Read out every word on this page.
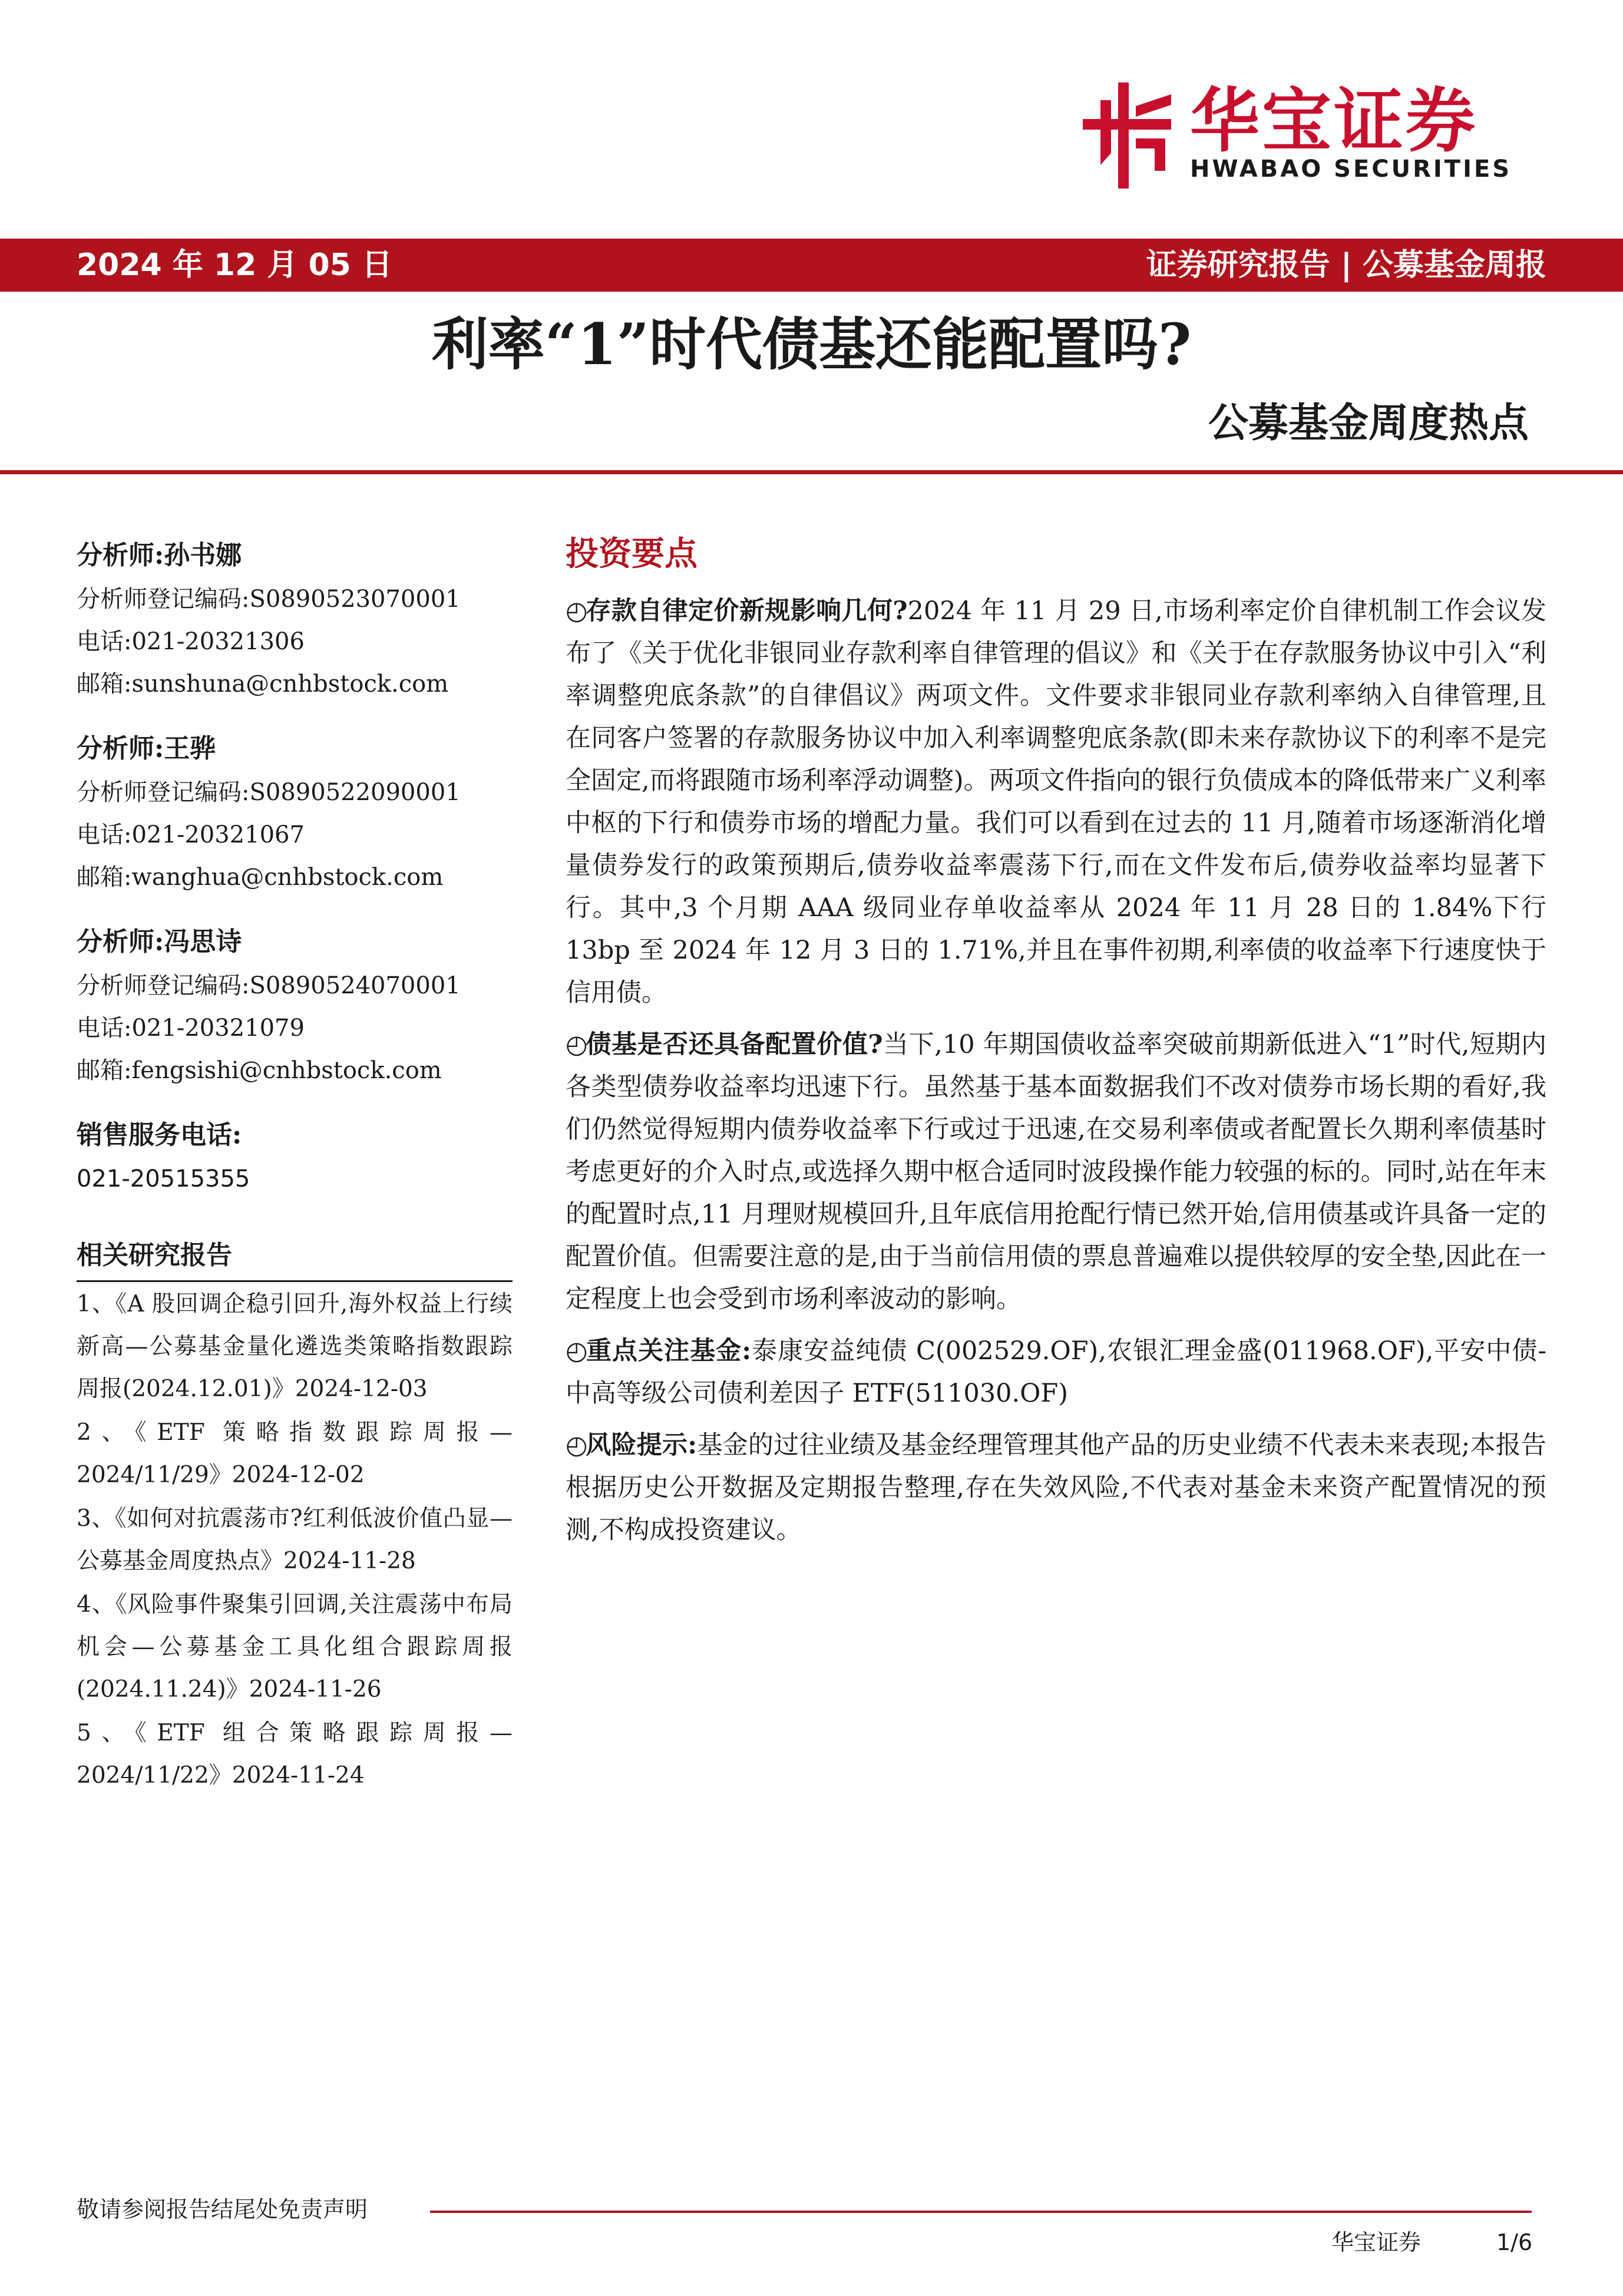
华宝证券
HWABAO SECURITIES
2024 年 12 月 05 日	证券研究报告 | 公募基金周报
利率“1”时代债基还能配置吗?
公募基金周度热点
分析师:孙书娜
分析师登记编码:S0890523070001
电话:021-20321306
邮箱:sunshuna@cnhbstock.com
分析师:王骅
分析师登记编码:S0890522090001
电话:021-20321067
邮箱:wanghua@cnhbstock.com
分析师:冯思诗
分析师登记编码:S0890524070001
电话:021-20321079
邮箱:fengsishi@cnhbstock.com
销售服务电话:
021-20515355
相关研究报告
1、《A 股回调企稳引回升,海外权益上行续新高—公募基金量化遴选类策略指数跟踪周报(2024.12.01)》2024-12-03
2、《ETF 策略指数跟踪周报—2024/11/29》2024-12-02
3、《如何对抗震荡市?红利低波价值凸显—公募基金周度热点》2024-11-28
4、《风险事件聚集引回调,关注震荡中布局机会—公募基金工具化组合跟踪周报(2024.11.24)》2024-11-26
5、《ETF 组合策略跟踪周报—2024/11/22》2024-11-24
投资要点
◴存款自律定价新规影响几何?2024 年 11 月 29 日,市场利率定价自律机制工作会议发布了《关于优化非银同业存款利率自律管理的倡议》和《关于在存款服务协议中引入“利率调整兜底条款”的自律倡议》两项文件。文件要求非银同业存款利率纳入自律管理,且在同客户签署的存款服务协议中加入利率调整兜底条款(即未来存款协议下的利率不是完全固定,而将跟随市场利率浮动调整)。两项文件指向的银行负债成本的降低带来广义利率中枢的下行和债券市场的增配力量。我们可以看到在过去的 11 月,随着市场逐渐消化增量债券发行的政策预期后,债券收益率震荡下行,而在文件发布后,债券收益率均显著下行。其中,3 个月期 AAA 级同业存单收益率从 2024 年 11 月 28 日的 1.84%下行 13bp 至 2024 年 12 月 3 日的 1.71%,并且在事件初期,利率债的收益率下行速度快于信用债。
◴债基是否还具备配置价值?当下,10 年期国债收益率突破前期新低进入“1”时代,短期内各类型债券收益率均迅速下行。虽然基于基本面数据我们不改对债券市场长期的看好,我们仍然觉得短期内债券收益率下行或过于迅速,在交易利率债或者配置长久期利率债基时考虑更好的介入时点,或选择久期中枢合适同时波段操作能力较强的标的。同时,站在年末的配置时点,11 月理财规模回升,且年底信用抢配行情已然开始,信用债基或许具备一定的配置价值。但需要注意的是,由于当前信用债的票息普遍难以提供较厚的安全垫,因此在一定程度上也会受到市场利率波动的影响。
◴重点关注基金:泰康安益纯债 C(002529.OF),农银汇理金盛(011968.OF),平安中债-中高等级公司债利差因子 ETF(511030.OF)
◴风险提示:基金的过往业绩及基金经理管理其他产品的历史业绩不代表未来表现;本报告根据历史公开数据及定期报告整理,存在失效风险,不代表对基金未来资产配置情况的预测,不构成投资建议。
敬请参阅报告结尾处免责声明
华宝证券	1/6
